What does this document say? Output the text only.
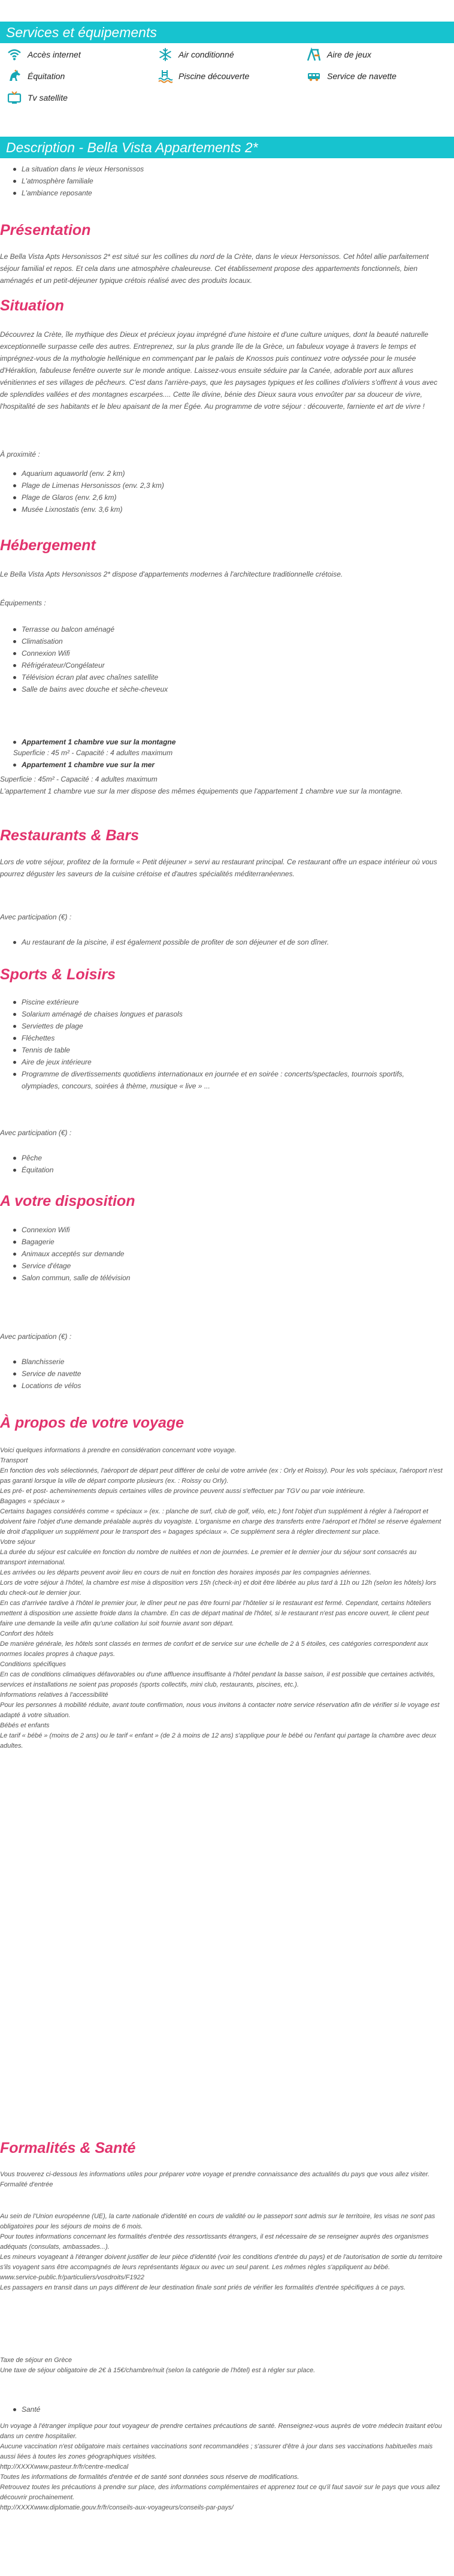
Services et équipements
Accès internet	Air conditionné	Aire de jeux
Équitation	Piscine découverte	Service de navette
Tv satellite
Description - Bella Vista Appartements 2*
La situation dans le vieux Hersonissos
L'atmosphère familiale
L'ambiance reposante
Présentation
Le Bella Vista Apts Hersonissos 2* est situé sur les collines du nord de la Crète, dans le vieux Hersonissos. Cet hôtel allie parfaitement séjour familial et repos. Et cela dans une atmosphère chaleureuse. Cet établissement propose des appartements fonctionnels, bien aménagés et un petit-déjeuner typique crétois réalisé avec des produits locaux.
Situation
Découvrez la Crète, île mythique des Dieux et précieux joyau imprégné d'une histoire et d'une culture uniques, dont la beauté naturelle exceptionnelle surpasse celle des autres. Entreprenez, sur la plus grande île de la Grèce, un fabuleux voyage à travers le temps et imprégnez-vous de la mythologie hellénique en commençant par le palais de Knossos puis continuez votre odyssée pour le musée d'Héraklion, fabuleuse fenêtre ouverte sur le monde antique. Laissez-vous ensuite séduire par la Canée, adorable port aux allures vénitiennes et ses villages de pêcheurs. C'est dans l'arrière-pays, que les paysages typiques et les collines d'oliviers s'offrent à vous avec de splendides vallées et des montagnes escarpées.... Cette île divine, bénie des Dieux saura vous envoûter par sa douceur de vivre, l'hospitalité de ses habitants et le bleu apaisant de la mer Égée. Au programme de votre séjour : découverte, farniente et art de vivre !
À proximité :
Aquarium aquaworld (env. 2 km)
Plage de Limenas Hersonissos (env. 2,3 km)
Plage de Glaros (env. 2,6 km)
Musée Lixnostatis (env. 3,6 km)
Hébergement
Le Bella Vista Apts Hersonissos 2* dispose d'appartements modernes à l'architecture traditionnelle crétoise.
Équipements :
Terrasse ou balcon aménagé
Climatisation
Connexion Wifi
Réfrigérateur/Congélateur
Télévision écran plat avec chaînes satellite
Salle de bains avec douche et sèche-cheveux
Appartement 1 chambre vue sur la montagne
Superficie : 45 m² - Capacité : 4 adultes maximum
Appartement 1 chambre vue sur la mer
Superficie : 45m² - Capacité : 4 adultes maximum
L'appartement 1 chambre vue sur la mer dispose des mêmes équipements que l'appartement 1 chambre vue sur la montagne.
Restaurants & Bars
Lors de votre séjour, profitez de la formule « Petit déjeuner » servi au restaurant principal. Ce restaurant offre un espace intérieur où vous pourrez déguster les saveurs de la cuisine crétoise et d'autres spécialités méditerranéennes.
Avec participation (€) :
Au restaurant de la piscine, il est également possible de profiter de son déjeuner et de son dîner.
Sports & Loisirs
Piscine extérieure
Solarium aménagé de chaises longues et parasols
Serviettes de plage
Fléchettes
Tennis de table
Aire de jeux intérieure
Programme de divertissements quotidiens internationaux en journée et en soirée : concerts/spectacles, tournois sportifs, olympiades, concours, soirées à thème, musique « live » ...
Avec participation (€) :
Pêche
Équitation
A votre disposition
Connexion Wifi
Bagagerie
Animaux acceptés sur demande
Service d'étage
Salon commun, salle de télévision
Avec participation (€) :
Blanchisserie
Service de navette
Locations de vélos
À propos de votre voyage
Voici quelques informations à prendre en considération concernant votre voyage.
Transport
En fonction des vols sélectionnés, l'aéroport de départ peut différer de celui de votre arrivée (ex : Orly et Roissy). Pour les vols spéciaux, l'aéroport n'est pas garanti lorsque la ville de départ comporte plusieurs (ex. : Roissy ou Orly).
Les pré- et post- acheminements depuis certaines villes de province peuvent aussi s'effectuer par TGV ou par voie intérieure.
Bagages « spéciaux »
Certains bagages considérés comme « spéciaux » (ex. : planche de surf, club de golf, vélo, etc.) font l'objet d'un supplément à régler à l'aéroport et doivent faire l'objet d'une demande préalable auprès du voyagiste. L'organisme en charge des transferts entre l'aéroport et l'hôtel se réserve également le droit d'appliquer un supplément pour le transport des « bagages spéciaux ». Ce supplément sera à régler directement sur place.
Votre séjour
La durée du séjour est calculée en fonction du nombre de nuitées et non de journées. Le premier et le dernier jour du séjour sont consacrés au transport international.
Les arrivées ou les départs peuvent avoir lieu en cours de nuit en fonction des horaires imposés par les compagnies aériennes.
Lors de votre séjour à l'hôtel, la chambre est mise à disposition vers 15h (check-in) et doit être libérée au plus tard à 11h ou 12h (selon les hôtels) lors du check-out le dernier jour.
En cas d'arrivée tardive à l'hôtel le premier jour, le dîner peut ne pas être fourni par l'hôtelier si le restaurant est fermé. Cependant, certains hôteliers mettent à disposition une assiette froide dans la chambre. En cas de départ matinal de l'hôtel, si le restaurant n'est pas encore ouvert, le client peut faire une demande la veille afin qu'une collation lui soit fournie avant son départ.
Confort des hôtels
De manière générale, les hôtels sont classés en termes de confort et de service sur une échelle de 2 à 5 étoiles, ces catégories correspondent aux normes locales propres à chaque pays.
Conditions spécifiques
En cas de conditions climatiques défavorables ou d'une affluence insuffisante à l'hôtel pendant la basse saison, il est possible que certaines activités, services et installations ne soient pas proposés (sports collectifs, mini club, restaurants, piscines, etc.).
Informations relatives à l'accessibilité
Pour les personnes à mobilité réduite, avant toute confirmation, nous vous invitons à contacter notre service réservation afin de vérifier si le voyage est adapté à votre situation.
Bébés et enfants
Le tarif « bébé » (moins de 2 ans) ou le tarif « enfant » (de 2 à moins de 12 ans) s'applique pour le bébé ou l'enfant qui partage la chambre avec deux adultes.
Formalités & Santé
Vous trouverez ci-dessous les informations utiles pour préparer votre voyage et prendre connaissance des actualités du pays que vous allez visiter.
Formalité d'entrée
Au sein de l'Union européenne (UE), la carte nationale d'identité en cours de validité ou le passeport sont admis sur le territoire, les visas ne sont pas obligatoires pour les séjours de moins de 6 mois.
Pour toutes informations concernant les formalités d'entrée des ressortissants étrangers, il est nécessaire de se renseigner auprès des organismes adéquats (consulats, ambassades...).
Les mineurs voyageant à l'étranger doivent justifier de leur pièce d'identité (voir les conditions d'entrée du pays) et de l'autorisation de sortie du territoire s'ils voyagent sans être accompagnés de leurs représentants légaux ou avec un seul parent. Les mêmes règles s'appliquent au bébé.
www.service-public.fr/particuliers/vosdroits/F1922
Les passagers en transit dans un pays différent de leur destination finale sont priés de vérifier les formalités d'entrée spécifiques à ce pays.
Taxe de séjour en Grèce
Une taxe de séjour obligatoire de 2€ à 15€/chambre/nuit (selon la catégorie de l'hôtel) est à régler sur place.
Santé
Un voyage à l'étranger implique pour tout voyageur de prendre certaines précautions de santé. Renseignez-vous auprès de votre médecin traitant et/ou dans un centre hospitalier.
Aucune vaccination n'est obligatoire mais certaines vaccinations sont recommandées ; s'assurer d'être à jour dans ses vaccinations habituelles mais aussi liées à toutes les zones géographiques visitées.
http://XXXXwww.pasteur.fr/fr/centre-medical
Toutes les informations de formalités d'entrée et de santé sont données sous réserve de modifications.
Retrouvez toutes les précautions à prendre sur place, des informations complémentaires et apprenez tout ce qu'il faut savoir sur le pays que vous allez découvrir prochainement.
http://XXXXwww.diplomatie.gouv.fr/fr/conseils-aux-voyageurs/conseils-par-pays/
